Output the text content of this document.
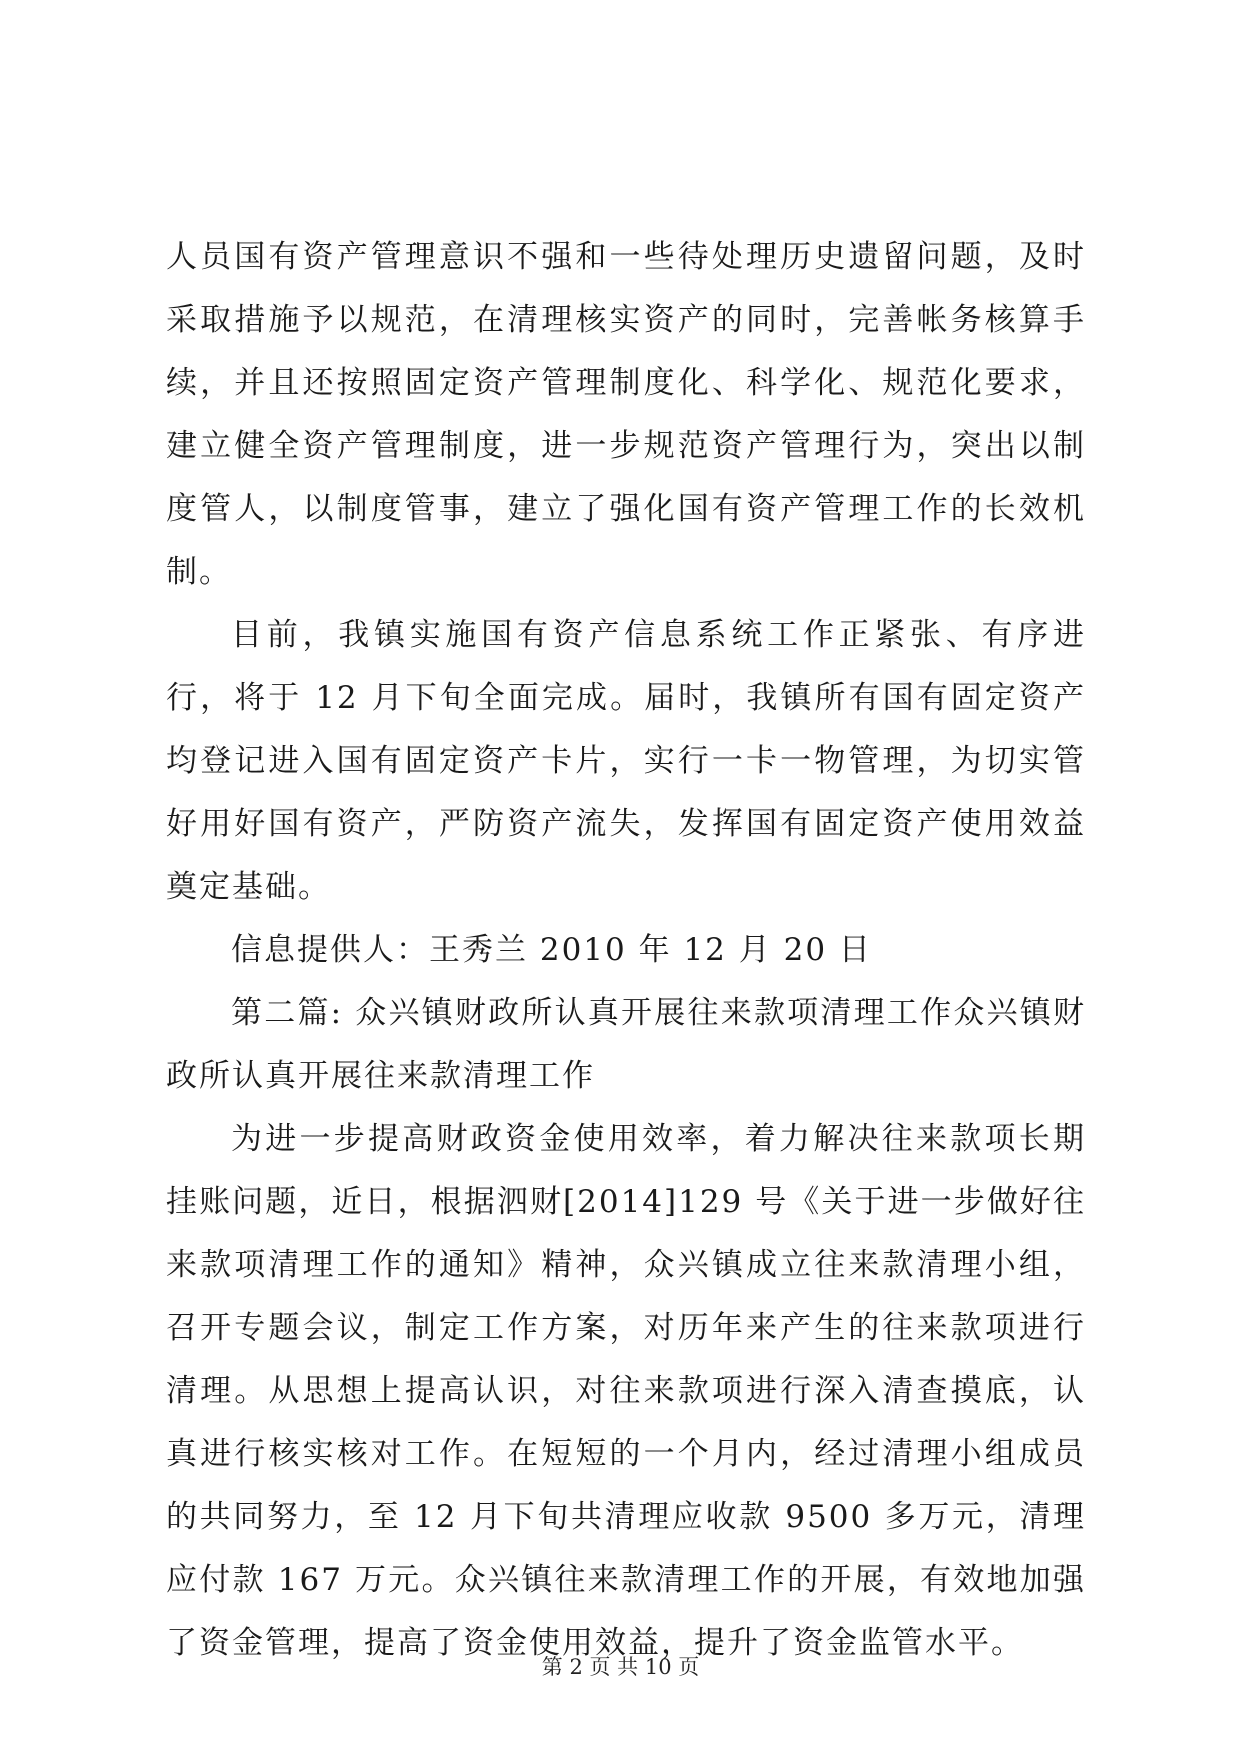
人员国有资产管理意识不强和一些待处理历史遗留问题，及时采取措施予以规范，在清理核实资产的同时，完善帐务核算手续，并且还按照固定资产管理制度化、科学化、规范化要求，建立健全资产管理制度，进一步规范资产管理行为，突出以制度管人，以制度管事，建立了强化国有资产管理工作的长效机制。

目前，我镇实施国有资产信息系统工作正紧张、有序进行，将于 12 月下旬全面完成。届时，我镇所有国有固定资产均登记进入国有固定资产卡片，实行一卡一物管理，为切实管好用好国有资产，严防资产流失，发挥国有固定资产使用效益奠定基础。

信息提供人：王秀兰 2010 年 12 月 20 日

第二篇: 众兴镇财政所认真开展往来款项清理工作众兴镇财政所认真开展往来款清理工作

为进一步提高财政资金使用效率，着力解决往来款项长期挂账问题，近日，根据泗财[2014]129 号《关于进一步做好往来款项清理工作的通知》精神，众兴镇成立往来款清理小组，召开专题会议，制定工作方案，对历年来产生的往来款项进行清理。从思想上提高认识，对往来款项进行深入清查摸底，认真进行核实核对工作。在短短的一个月内，经过清理小组成员的共同努力，至 12 月下旬共清理应收款 9500 多万元，清理应付款 167 万元。众兴镇往来款清理工作的开展，有效地加强了资金管理，提高了资金使用效益，提升了资金监管水平。

第 2 页 共 10 页
